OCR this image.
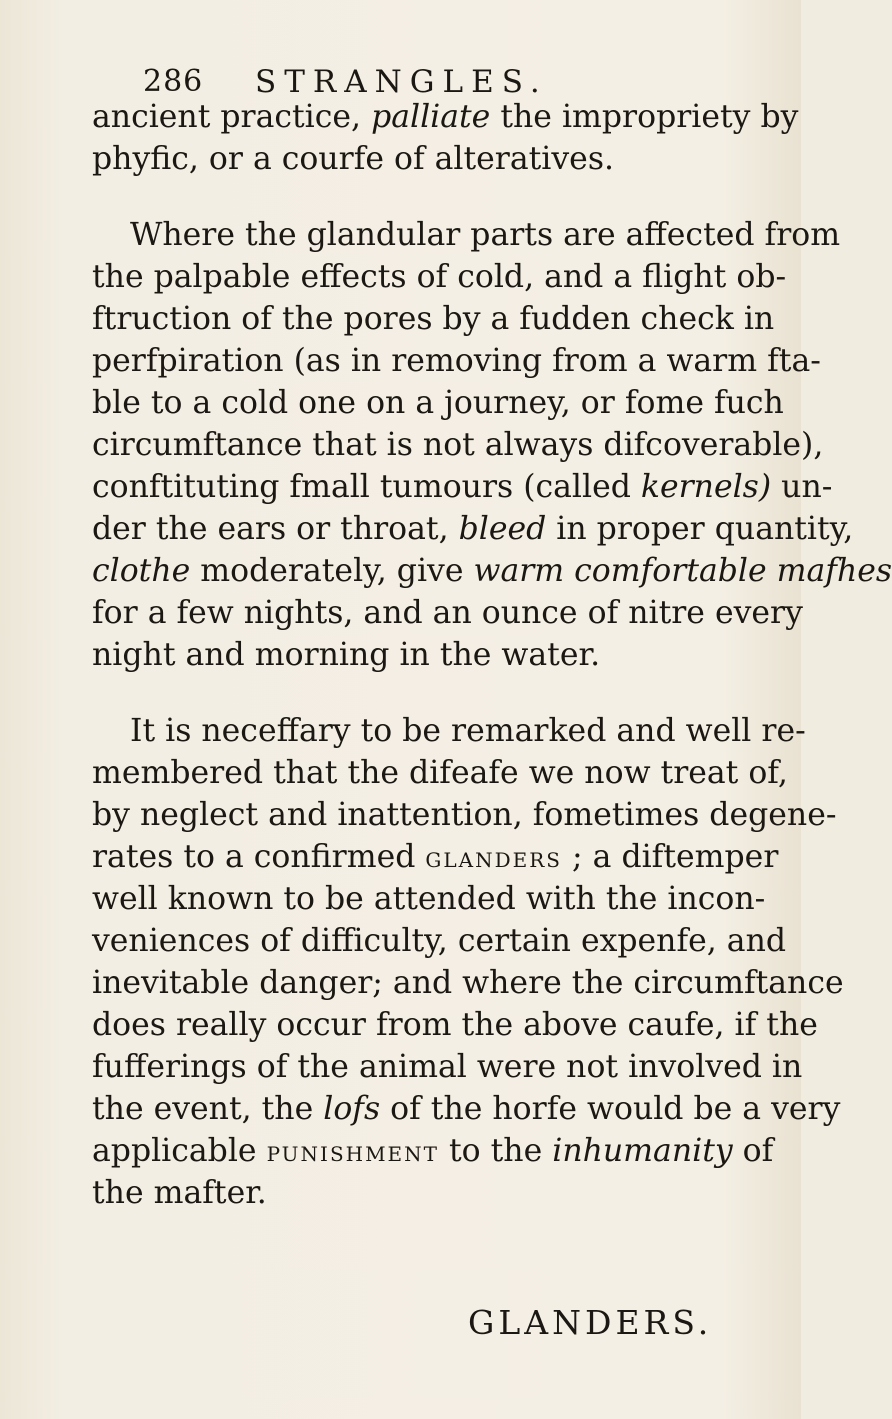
286 STRANGLES.
ancient practice, palliate the impropriety by
phyfic, or a courfe of alteratives.
Where the glandular parts are affected from
the palpable effects of cold, and a flight ob-
ftruction of the pores by a fudden check in
perfpiration (as in removing from a warm fta-
ble to a cold one on a journey, or fome fuch
circumftance that is not always difcoverable),
conftituting fmall tumours (called kernels) un-
der the ears or throat, bleed in proper quantity,
clothe moderately, give warm comfortable mafhes
for a few nights, and an ounce of nitre every
night and morning in the water.
It is neceffary to be remarked and well re-
membered that the difeafe we now treat of,
by neglect and inattention, fometimes degene-
rates to a confirmed glanders ; a diftemper
well known to be attended with the incon-
veniences of difficulty, certain expenfe, and
inevitable danger; and where the circumftance
does really occur from the above caufe, if the
fufferings of the animal were not involved in
the event, the lofs of the horfe would be a very
applicable punishment to the inhumanity of
the mafter.
GLANDERS.
